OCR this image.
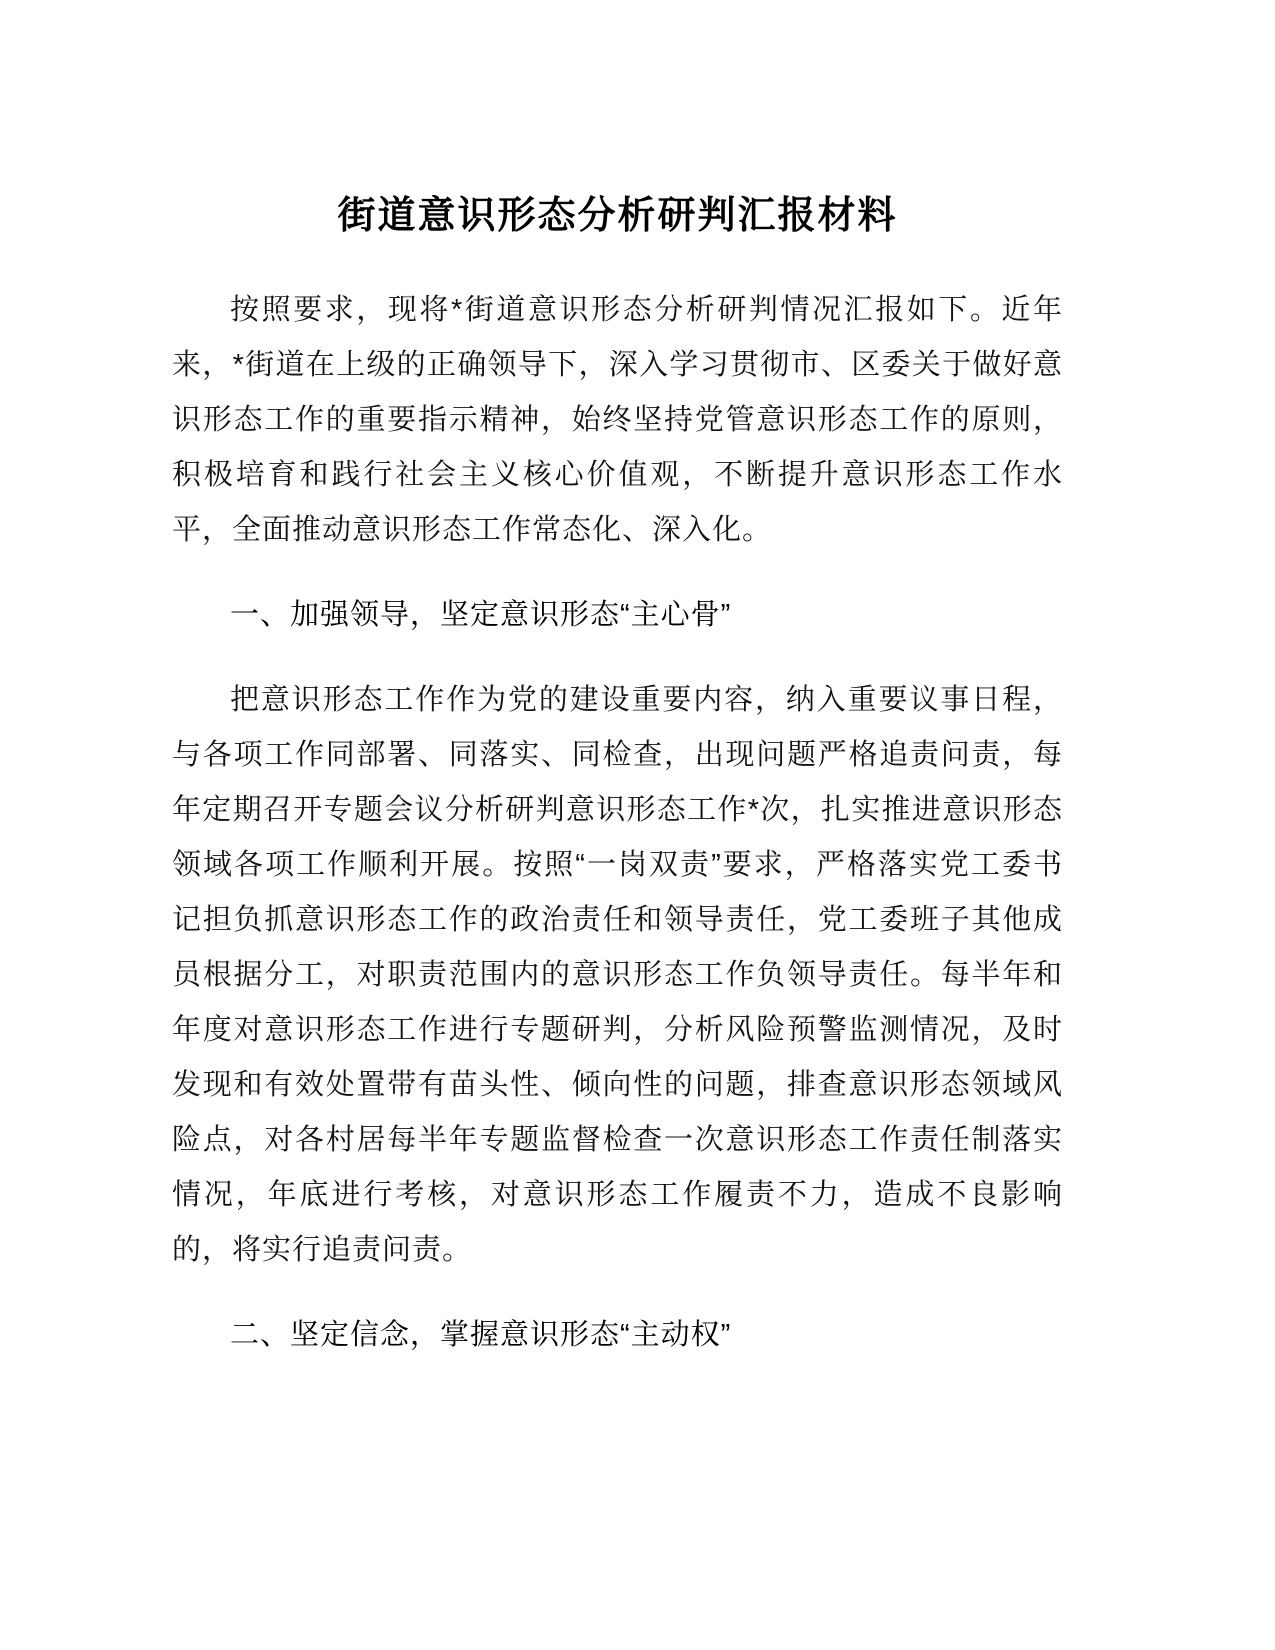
街道意识形态分析研判汇报材料

按照要求，现将*街道意识形态分析研判情况汇报如下。近年来，*街道在上级的正确领导下，深入学习贯彻市、区委关于做好意识形态工作的重要指示精神，始终坚持党管意识形态工作的原则，积极培育和践行社会主义核心价值观，不断提升意识形态工作水平，全面推动意识形态工作常态化、深入化。

一、加强领导，坚定意识形态“主心骨”

把意识形态工作作为党的建设重要内容，纳入重要议事日程，与各项工作同部署、同落实、同检查，出现问题严格追责问责，每年定期召开专题会议分析研判意识形态工作*次，扎实推进意识形态领域各项工作顺利开展。按照“一岗双责”要求，严格落实党工委书记担负抓意识形态工作的政治责任和领导责任，党工委班子其他成员根据分工，对职责范围内的意识形态工作负领导责任。每半年和年度对意识形态工作进行专题研判，分析风险预警监测情况，及时发现和有效处置带有苗头性、倾向性的问题，排查意识形态领域风险点，对各村居每半年专题监督检查一次意识形态工作责任制落实情况，年底进行考核，对意识形态工作履责不力，造成不良影响的，将实行追责问责。

二、坚定信念，掌握意识形态“主动权”
